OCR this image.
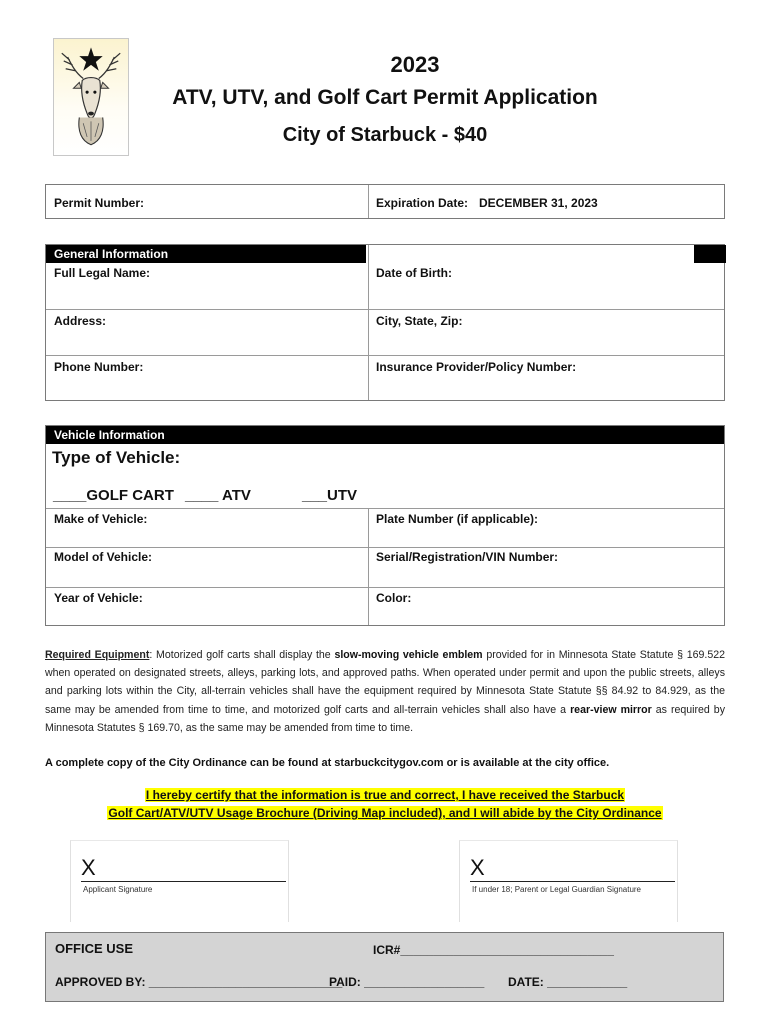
2023
ATV, UTV, and Golf Cart Permit Application
City of Starbuck - $40
Permit Number:	Expiration Date: DECEMBER 31, 2023
General Information
Full Legal Name:	Date of Birth:
Address:	City, State, Zip:
Phone Number:	Insurance Provider/Policy Number:
Vehicle Information
Make of Vehicle:	Plate Number (if applicable):
Model of Vehicle:	Serial/Registration/VIN Number:
Year of Vehicle:	Color:
Type of Vehicle:
____GOLF CART ____ ATV	___UTV
Required Equipment: Motorized golf carts shall display the slow-moving vehicle emblem provided for in Minnesota State Statute § 169.522 when operated on designated streets, alleys, parking lots, and approved paths. When operated under permit and upon the public streets, alleys and parking lots within the City, all-terrain vehicles shall have the equipment required by Minnesota State Statute §§ 84.92 to 84.929, as the same may be amended from time to time, and motorized golf carts and all-terrain vehicles shall also have a rear-view mirror as required by Minnesota Statutes § 169.70, as the same may be amended from time to time.
A complete copy of the City Ordinance can be found at starbuckcitygov.com or is available at the city office.
I hereby certify that the information is true and correct, I have received the Starbuck
Golf Cart/ATV/UTV Usage Brochure (Driving Map included), and I will abide by the City Ordinance
X
Applicant Signature
X
If under 18; Parent or Legal Guardian Signature
OFFICE USE	ICR#________________________________
APPROVED BY: _____________________________
PAID: __________________ DATE: ____________
